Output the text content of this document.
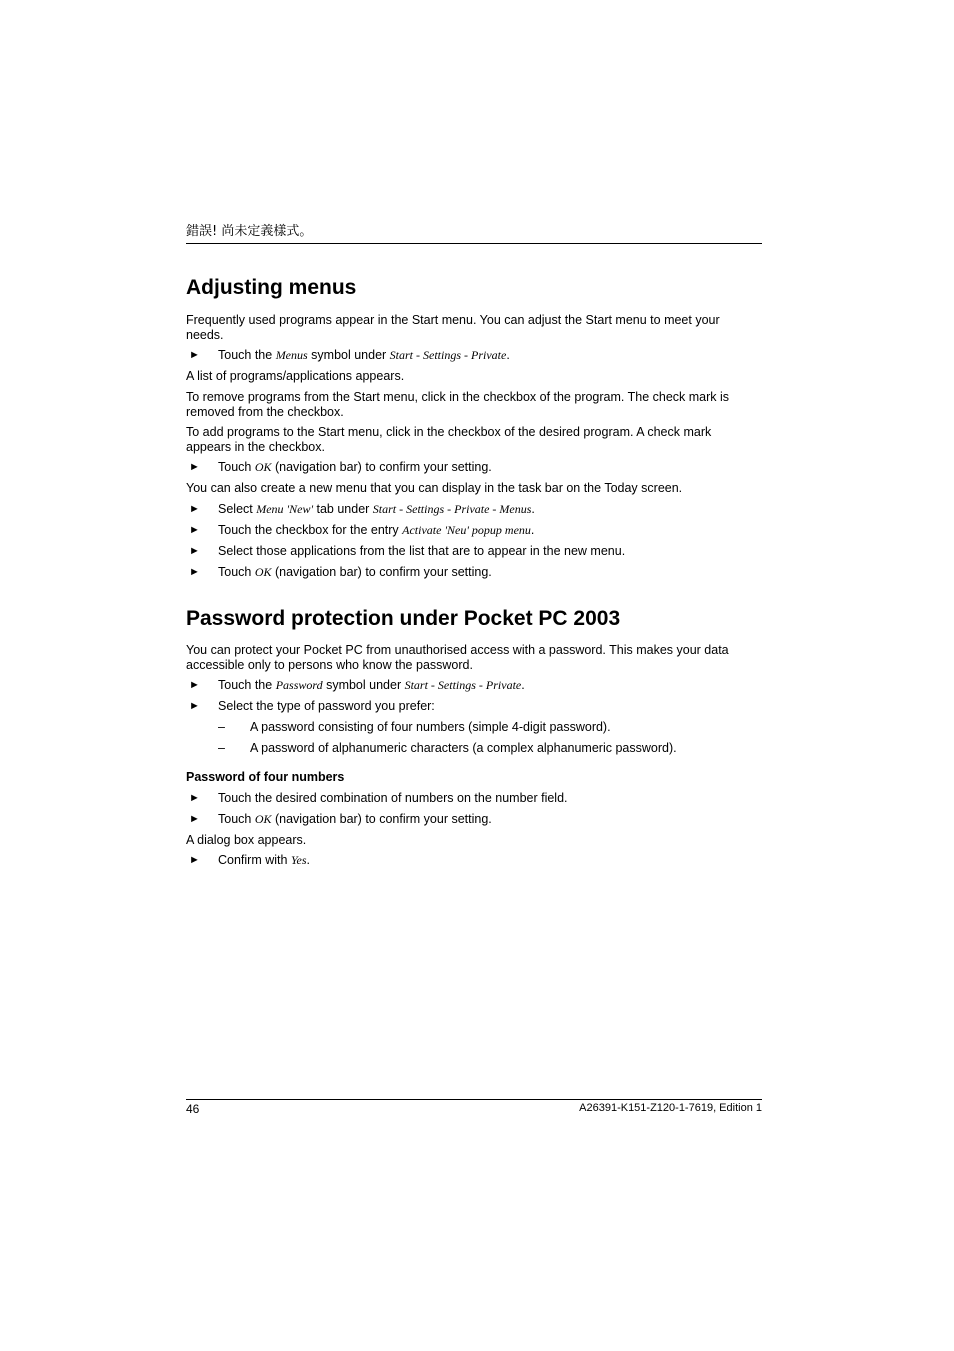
錯誤! 尚未定義樣式。
Adjusting menus

Frequently used programs appear in the Start menu. You can adjust the Start menu to meet your needs.

► Touch the Menus symbol under Start - Settings - Private.

A list of programs/applications appears.

To remove programs from the Start menu, click in the checkbox of the program. The check mark is removed from the checkbox.

To add programs to the Start menu, click in the checkbox of the desired program. A check mark appears in the checkbox.

► Touch OK (navigation bar) to confirm your setting.

You can also create a new menu that you can display in the task bar on the Today screen.

► Select Menu 'New' tab under Start - Settings - Private - Menus.
► Touch the checkbox for the entry Activate 'Neu' popup menu.
► Select those applications from the list that are to appear in the new menu.
► Touch OK (navigation bar) to confirm your setting.
Password protection under Pocket PC 2003

You can protect your Pocket PC from unauthorised access with a password. This makes your data accessible only to persons who know the password.

► Touch the Password symbol under Start - Settings - Private.
► Select the type of password you prefer:
– A password consisting of four numbers (simple 4-digit password).
– A password of alphanumeric characters (a complex alphanumeric password).
Password of four numbers
► Touch the desired combination of numbers on the number field.
► Touch OK (navigation bar) to confirm your setting.

A dialog box appears.

► Confirm with Yes.
46	A26391-K151-Z120-1-7619, Edition 1
